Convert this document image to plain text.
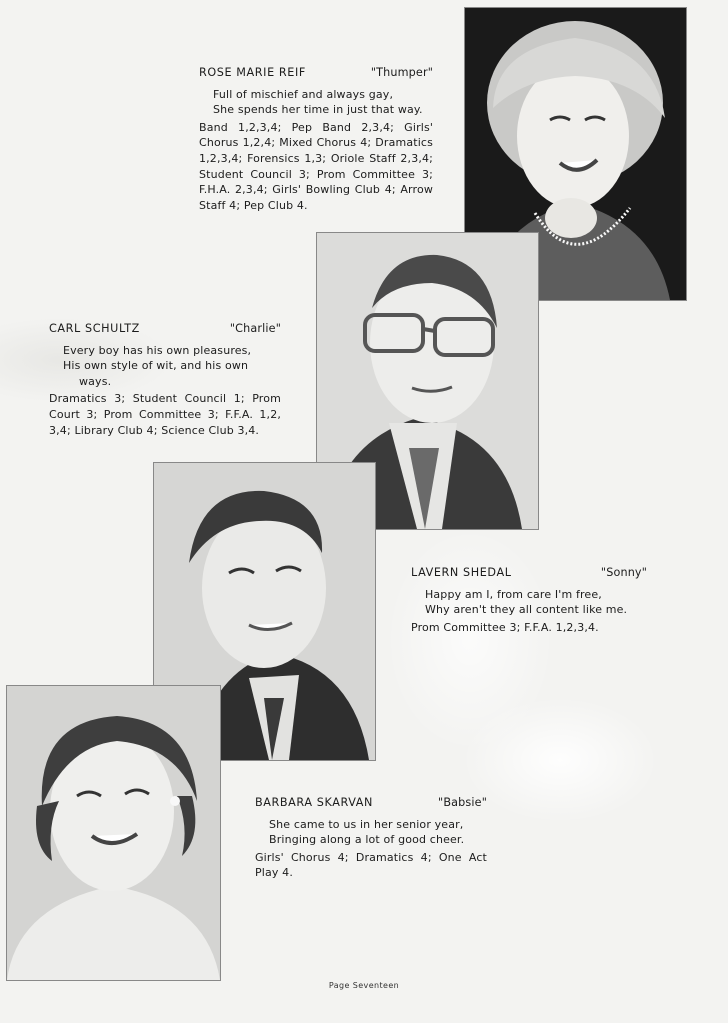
ROSE MARIE REIF	"Thumper"
Full of mischief and always gay,
She spends her time in just that way.
Band 1,2,3,4; Pep Band 2,3,4; Girls' Chorus 1,2,4; Mixed Chorus 4; Dramatics 1,2,3,4; Forensics 1,3; Oriole Staff 2,3,4; Student Council 3; Prom Committee 3; F.H.A. 2,3,4; Girls' Bowling Club 4; Arrow Staff 4; Pep Club 4.
CARL SCHULTZ	"Charlie"
Every boy has his own pleasures,
His own style of wit, and his own
ways.
Dramatics 3; Student Council 1; Prom Court 3; Prom Committee 3; F.F.A. 1,2, 3,4; Library Club 4; Science Club 3,4.
LAVERN SHEDAL	"Sonny"
Happy am I, from care I'm free,
Why aren't they all content like me.
Prom Committee 3; F.F.A. 1,2,3,4.
BARBARA SKARVAN	"Babsie"
She came to us in her senior year,
Bringing along a lot of good cheer.
Girls' Chorus 4; Dramatics 4; One Act Play 4.
Page Seventeen
